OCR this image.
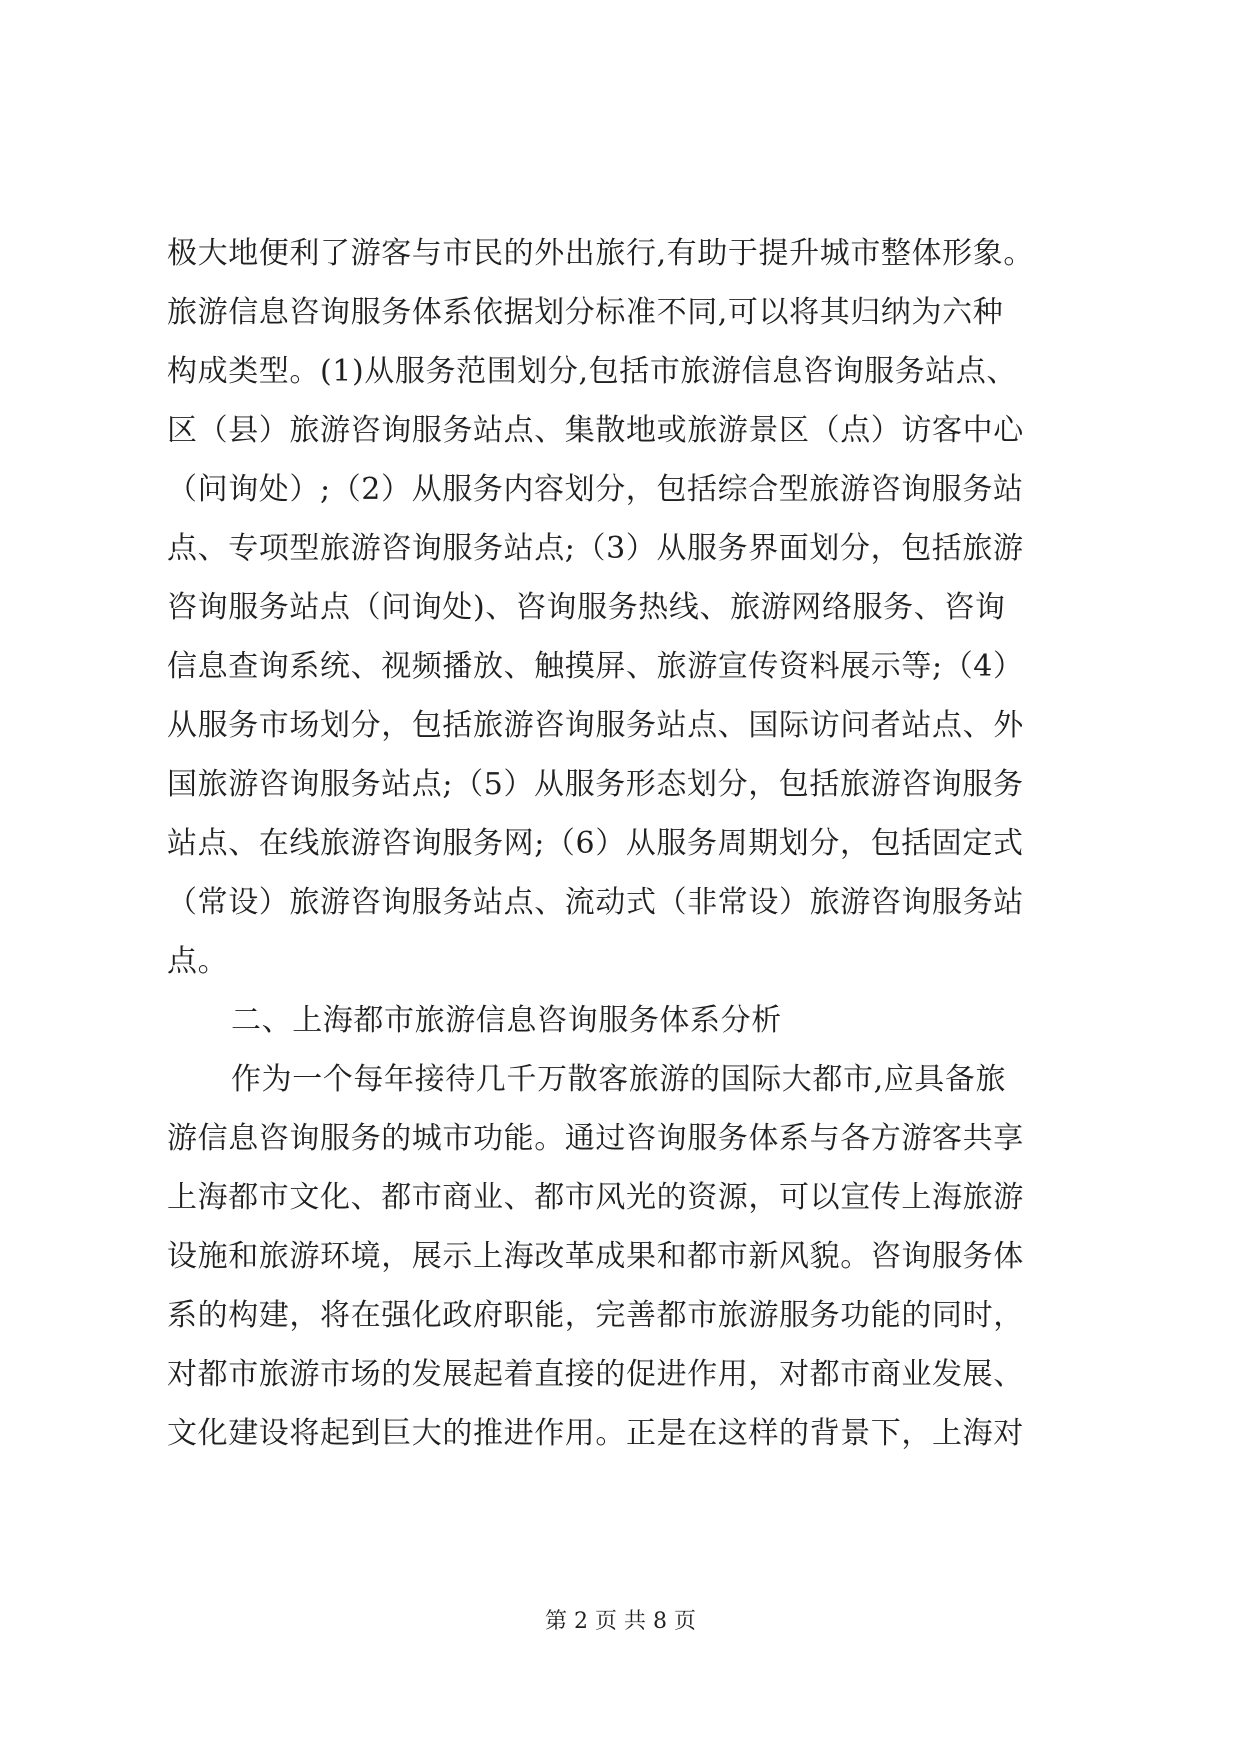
极大地便利了游客与市民的外出旅行,有助于提升城市整体形象。
旅游信息咨询服务体系依据划分标准不同,可以将其归纳为六种
构成类型。(1)从服务范围划分,包括市旅游信息咨询服务站点、
区（县）旅游咨询服务站点、集散地或旅游景区（点）访客中心
（问询处）;（2）从服务内容划分，包括综合型旅游咨询服务站
点、专项型旅游咨询服务站点;（3）从服务界面划分，包括旅游
咨询服务站点（问询处)、咨询服务热线、旅游网络服务、咨询
信息查询系统、视频播放、触摸屏、旅游宣传资料展示等;（4）
从服务市场划分，包括旅游咨询服务站点、国际访问者站点、外
国旅游咨询服务站点;（5）从服务形态划分，包括旅游咨询服务
站点、在线旅游咨询服务网;（6）从服务周期划分，包括固定式
（常设）旅游咨询服务站点、流动式（非常设）旅游咨询服务站
点。
二、上海都市旅游信息咨询服务体系分析
作为一个每年接待几千万散客旅游的国际大都市,应具备旅
游信息咨询服务的城市功能。通过咨询服务体系与各方游客共享
上海都市文化、都市商业、都市风光的资源，可以宣传上海旅游
设施和旅游环境，展示上海改革成果和都市新风貌。咨询服务体
系的构建，将在强化政府职能，完善都市旅游服务功能的同时，
对都市旅游市场的发展起着直接的促进作用，对都市商业发展、
文化建设将起到巨大的推进作用。正是在这样的背景下，上海对
第 2 页 共 8 页
